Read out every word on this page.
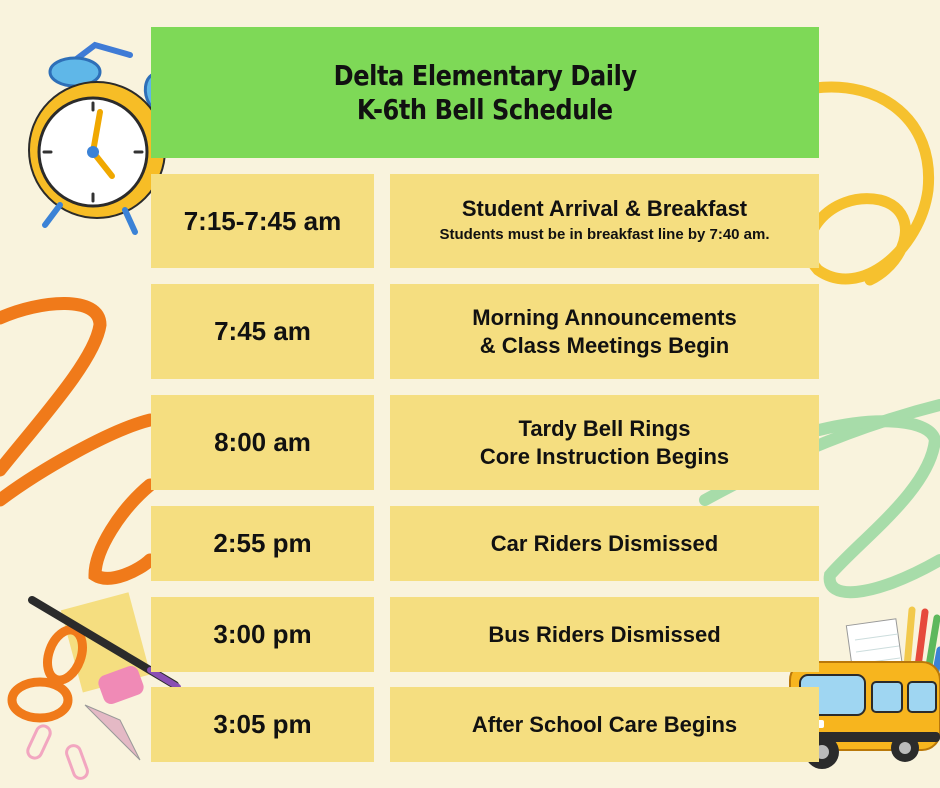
Delta Elementary Daily
K-6th Bell Schedule
7:15-7:45 am	Student Arrival & Breakfast
Students must be in breakfast line by 7:40 am.
7:45 am	Morning Announcements
& Class Meetings Begin
8:00 am	Tardy Bell Rings
Core Instruction Begins
2:55 pm	Car Riders Dismissed
3:00 pm	Bus Riders Dismissed
3:05 pm	After School Care Begins
